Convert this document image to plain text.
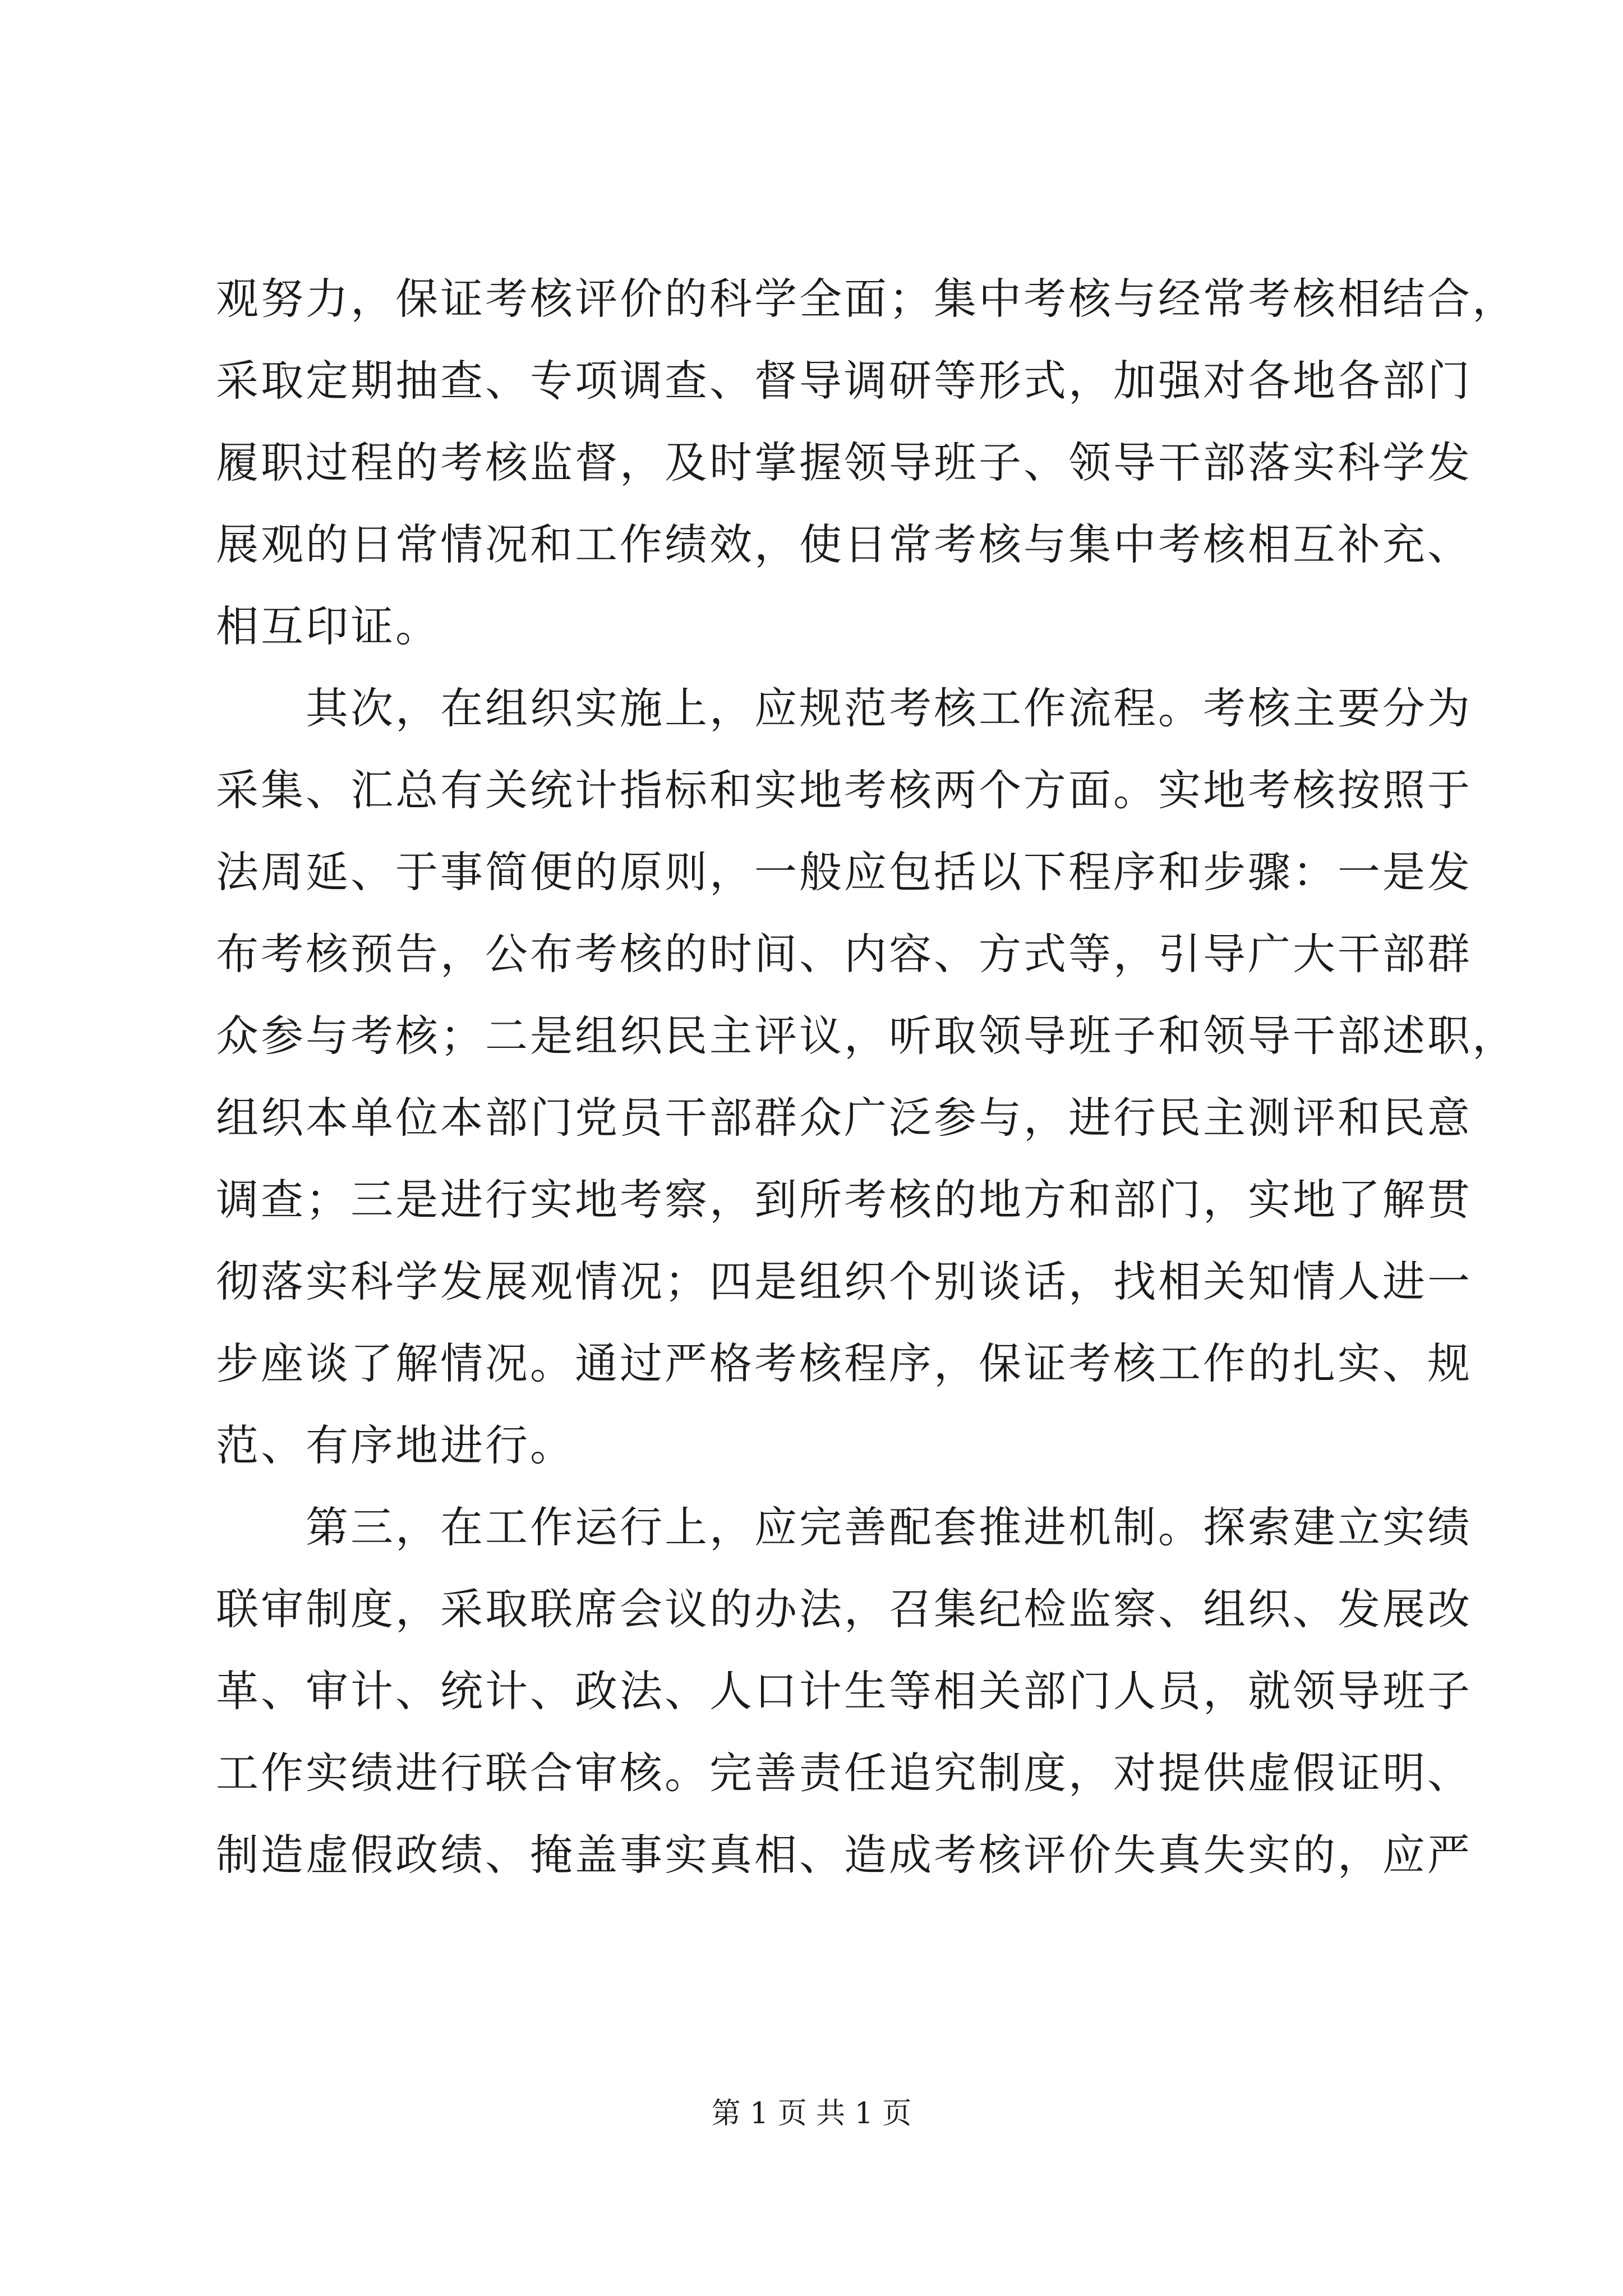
观努力，保证考核评价的科学全面；集中考核与经常考核相结合，
采取定期抽查、专项调查、督导调研等形式，加强对各地各部门
履职过程的考核监督，及时掌握领导班子、领导干部落实科学发
展观的日常情况和工作绩效，使日常考核与集中考核相互补充、
相互印证。
　　其次，在组织实施上，应规范考核工作流程。考核主要分为
采集、汇总有关统计指标和实地考核两个方面。实地考核按照于
法周延、于事简便的原则，一般应包括以下程序和步骤：一是发
布考核预告，公布考核的时间、内容、方式等，引导广大干部群
众参与考核；二是组织民主评议，听取领导班子和领导干部述职，
组织本单位本部门党员干部群众广泛参与，进行民主测评和民意
调查；三是进行实地考察，到所考核的地方和部门，实地了解贯
彻落实科学发展观情况；四是组织个别谈话，找相关知情人进一
步座谈了解情况。通过严格考核程序，保证考核工作的扎实、规
范、有序地进行。
　　第三，在工作运行上，应完善配套推进机制。探索建立实绩
联审制度，采取联席会议的办法，召集纪检监察、组织、发展改
革、审计、统计、政法、人口计生等相关部门人员，就领导班子
工作实绩进行联合审核。完善责任追究制度，对提供虚假证明、
制造虚假政绩、掩盖事实真相、造成考核评价失真失实的，应严
第 1 页 共 1 页
